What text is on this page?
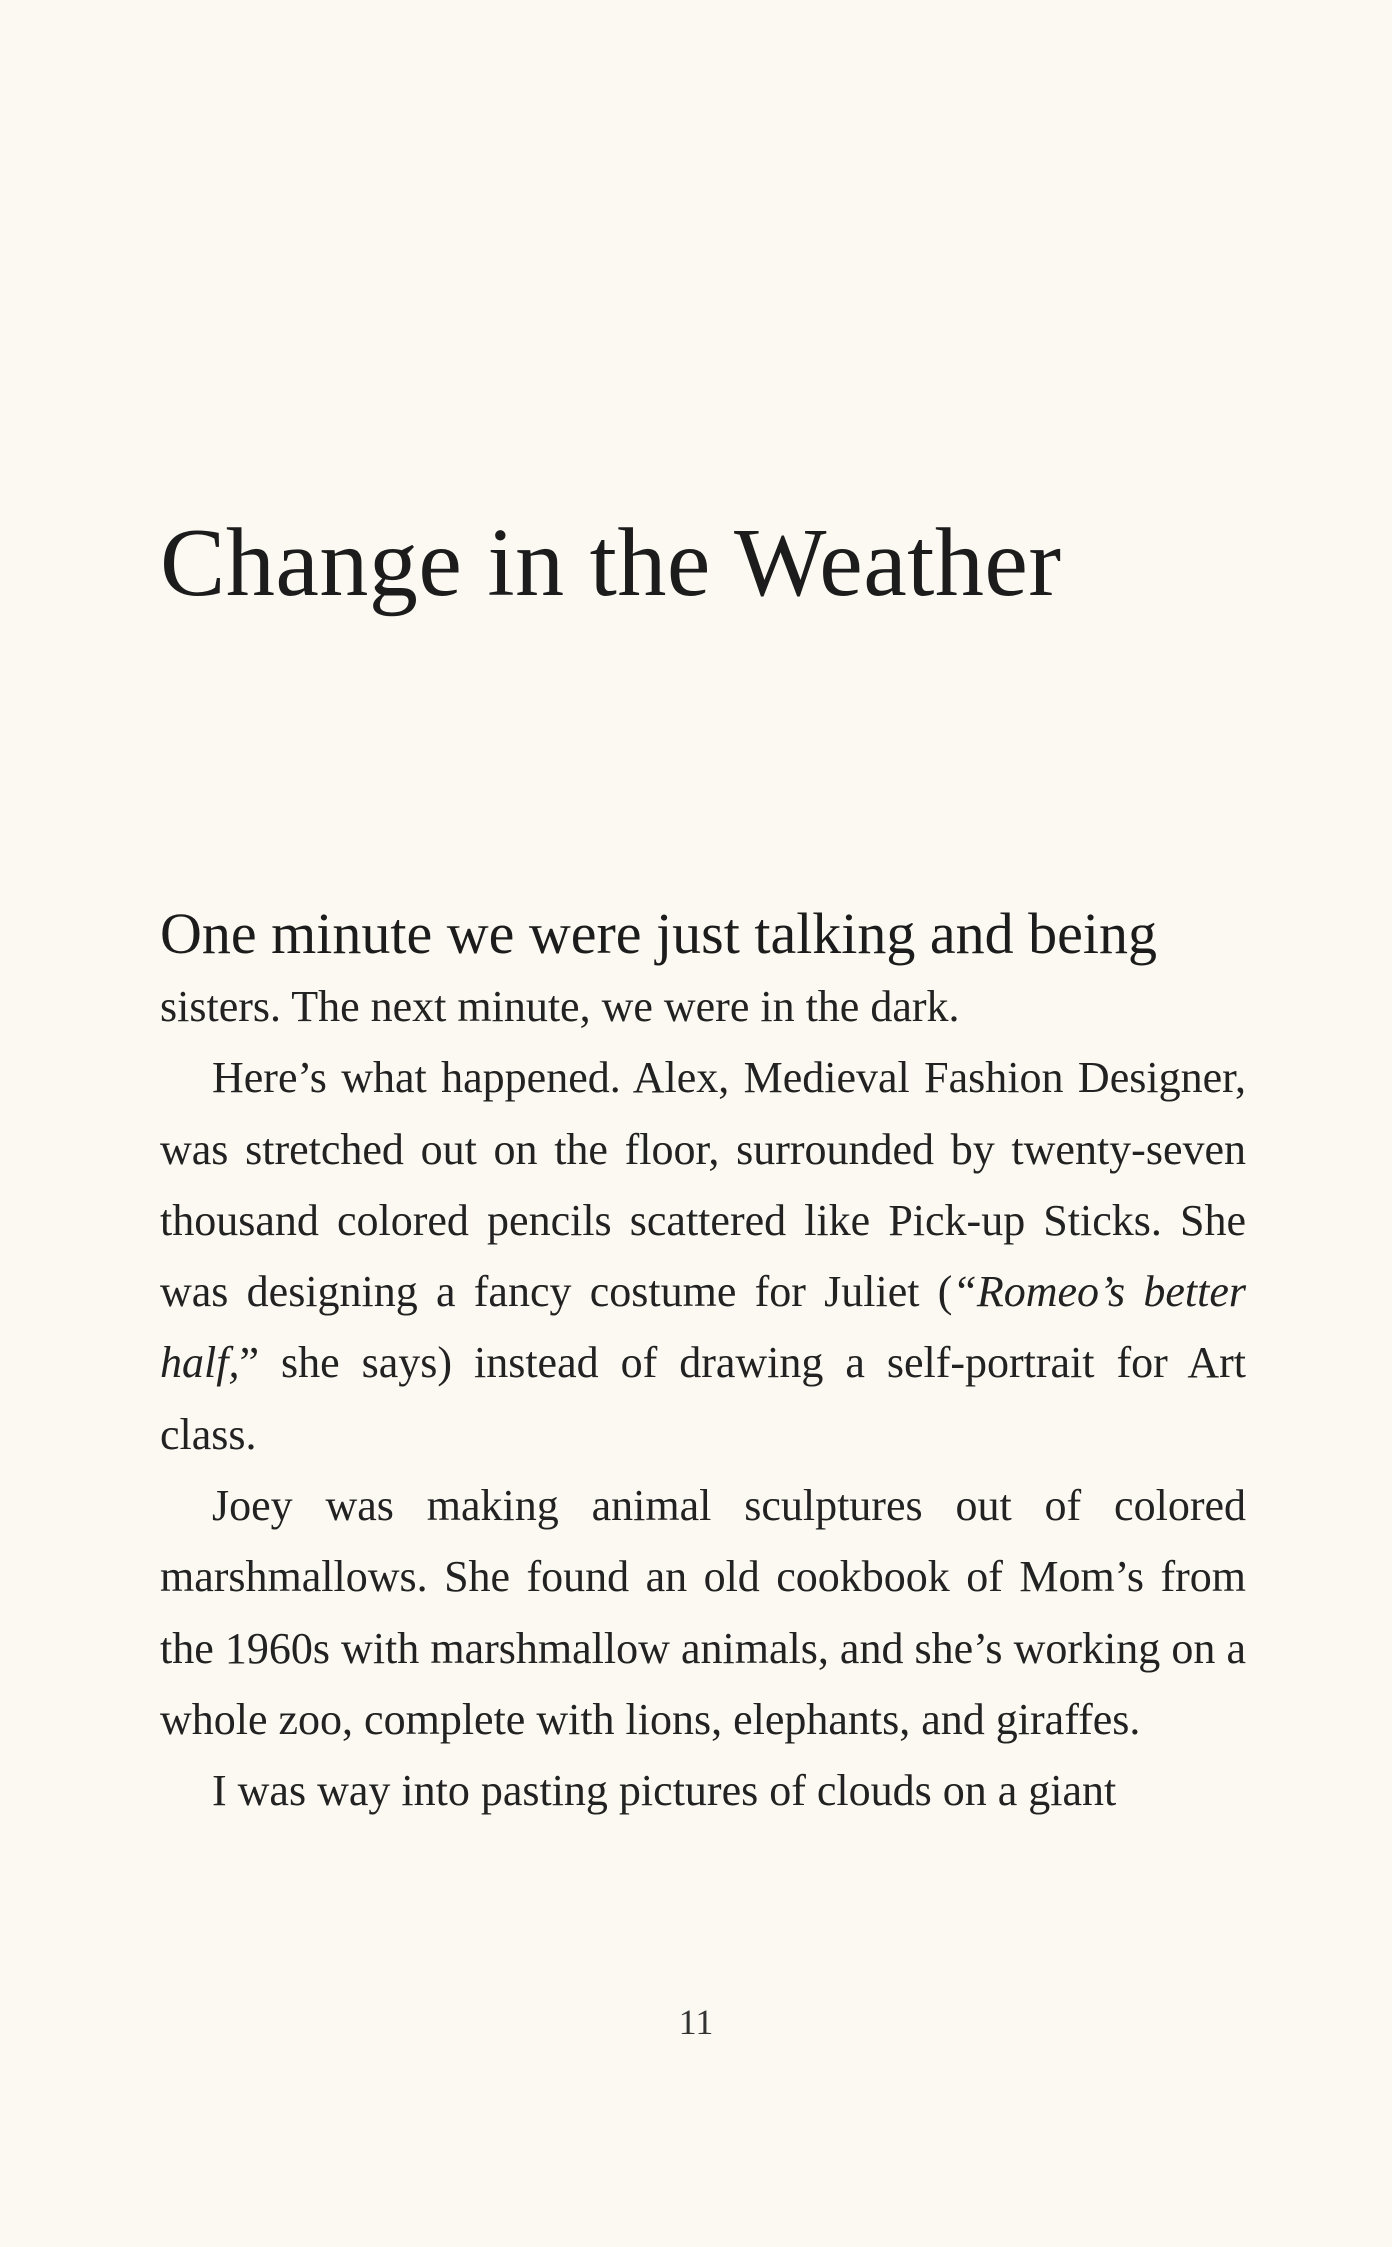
Change in the Weather
One minute we were just talking and being

sisters. The next minute, we were in the dark.

Here’s what happened. Alex, Medieval Fashion Designer, was stretched out on the floor, surrounded by twenty-seven thousand colored pencils scattered like Pick-up Sticks. She was designing a fancy costume for Juliet (“Romeo’s better half,” she says) instead of drawing a self-portrait for Art class.

Joey was making animal sculptures out of colored marshmallows. She found an old cookbook of Mom’s from the 1960s with marshmallow animals, and she’s working on a whole zoo, complete with lions, elephants, and giraffes.

I was way into pasting pictures of clouds on a giant

11
